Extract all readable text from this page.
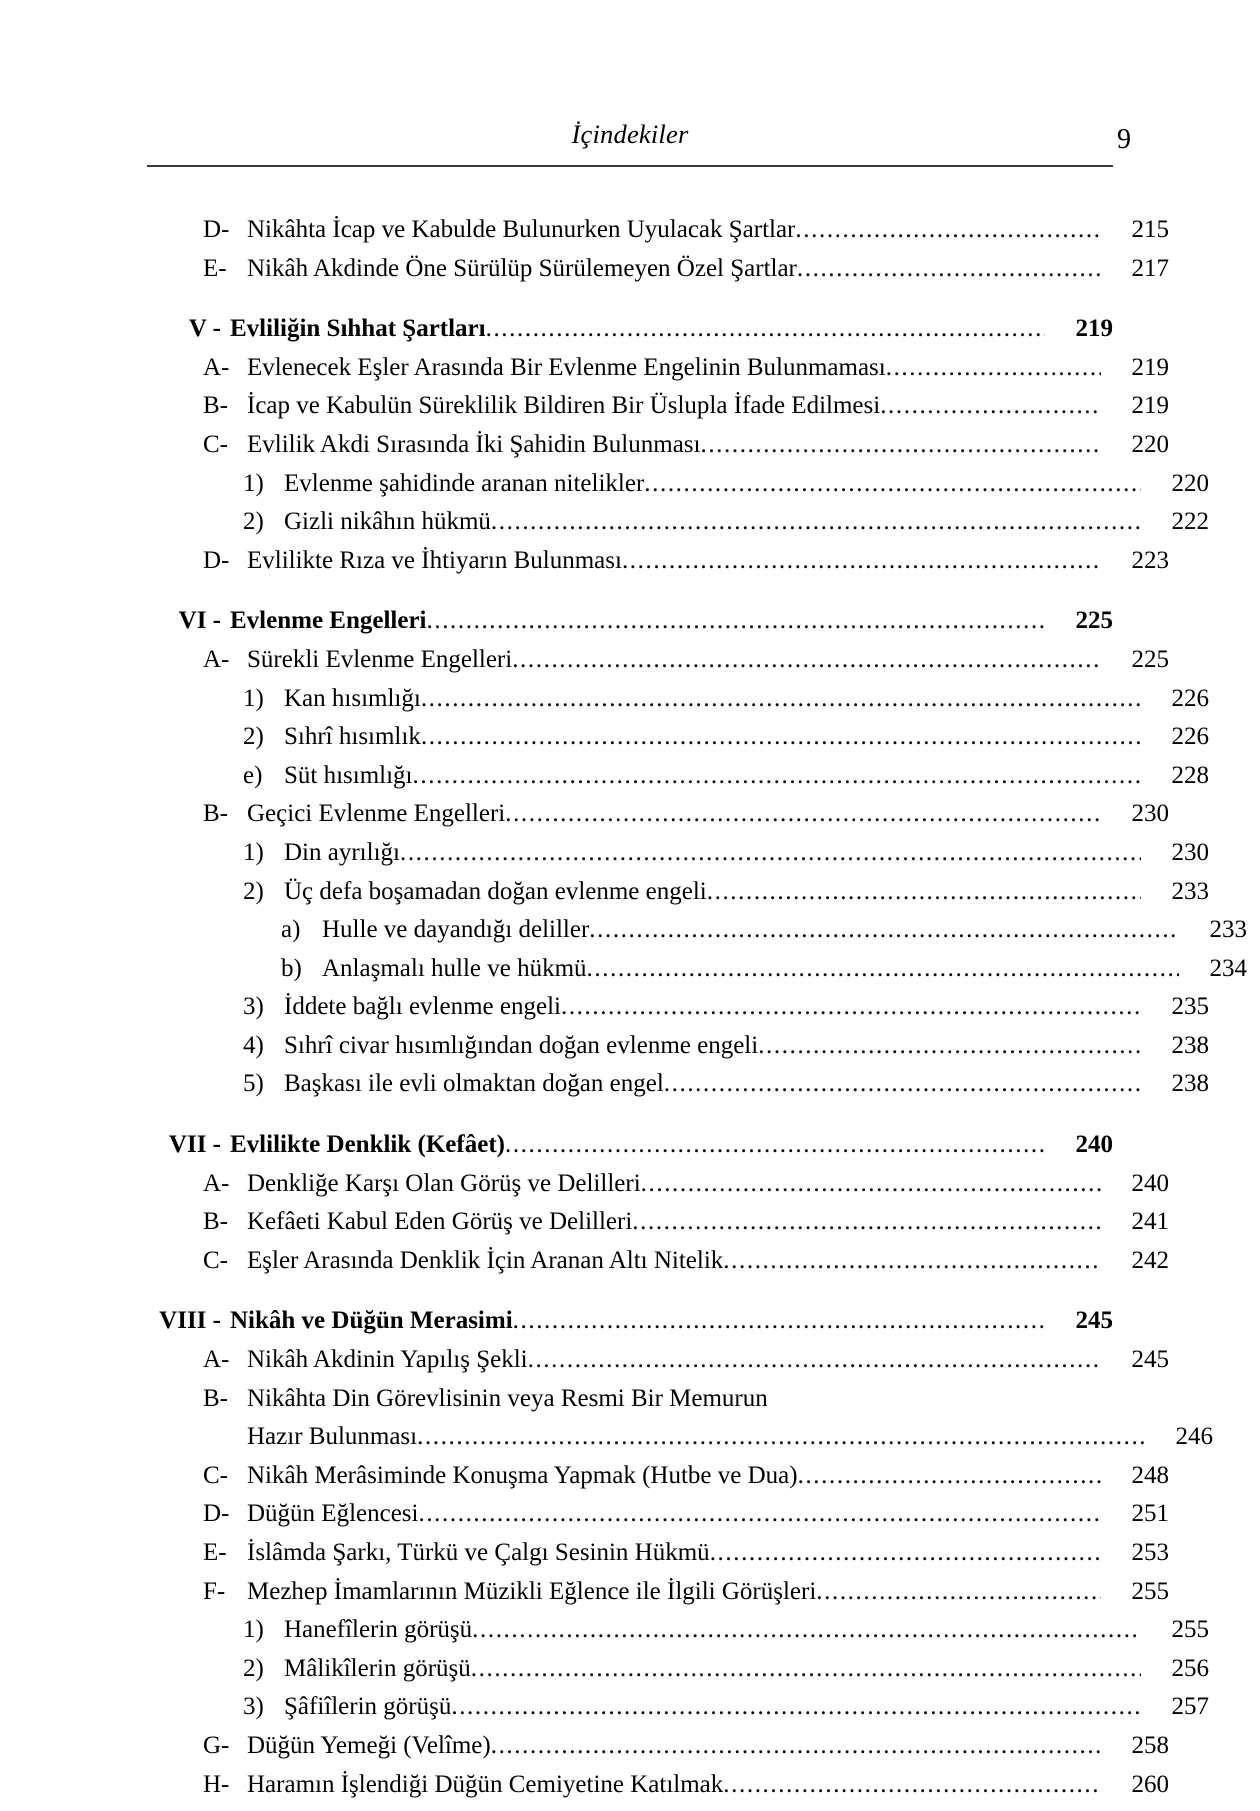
İçindekiler	9
D- Nikâhta İcap ve Kabulde Bulunurken Uyulacak Şartlar .....	215
E- Nikâh Akdinde Öne Sürülüp Sürülemeyen Özel Şartlar .....	217
V - Evliliğin Sıhhat Şartları .....	219
A- Evlenecek Eşler Arasında Bir Evlenme Engelinin Bulunmaması .....	219
B- İcap ve Kabulün Süreklilik Bildiren Bir Üslupla İfade Edilmesi .....	219
C- Evlilik Akdi Sırasında İki Şahidin Bulunması .....	220
1) Evlenme şahidinde aranan nitelikler .....	220
2) Gizli nikâhın hükmü .....	222
D- Evlilikte Rıza ve İhtiyarın Bulunması .....	223
VI - Evlenme Engelleri .....	225
A- Sürekli Evlenme Engelleri .....	225
1) Kan hısımlığı .....	226
2) Sıhrî hısımlık .....	226
e) Süt hısımlığı .....	228
B- Geçici Evlenme Engelleri .....	230
1) Din ayrılığı .....	230
2) Üç defa boşamadan doğan evlenme engeli .....	233
a) Hulle ve dayandığı deliller .....	233
b) Anlaşmalı hulle ve hükmü .....	234
3) İddete bağlı evlenme engeli .....	235
4) Sıhrî civar hısımlığından doğan evlenme engeli .....	238
5) Başkası ile evli olmaktan doğan engel .....	238
VII - Evlilikte Denklik (Kefâet) .....	240
A- Denkliğe Karşı Olan Görüş ve Delilleri .....	240
B- Kefâeti Kabul Eden Görüş ve Delilleri .....	241
C- Eşler Arasında Denklik İçin Aranan Altı Nitelik .....	242
VIII - Nikâh ve Düğün Merasimi .....	245
A- Nikâh Akdinin Yapılış Şekli .....	245
B- Nikâhta Din Görevlisinin veya Resmi Bir Memurun
Hazır Bulunması .....	246
C- Nikâh Merâsiminde Konuşma Yapmak (Hutbe ve Dua) .....	248
D- Düğün Eğlencesi .....	251
E- İslâmda Şarkı, Türkü ve Çalgı Sesinin Hükmü .....	253
F- Mezhep İmamlarının Müzikli Eğlence ile İlgili Görüşleri .....	255
1) Hanefîlerin görüşü .....	255
2) Mâlikîlerin görüşü .....	256
3) Şâfiîlerin görüşü .....	257
G- Düğün Yemeği (Velîme) .....	258
H- Haramın İşlendiği Düğün Cemiyetine Katılmak .....	260
